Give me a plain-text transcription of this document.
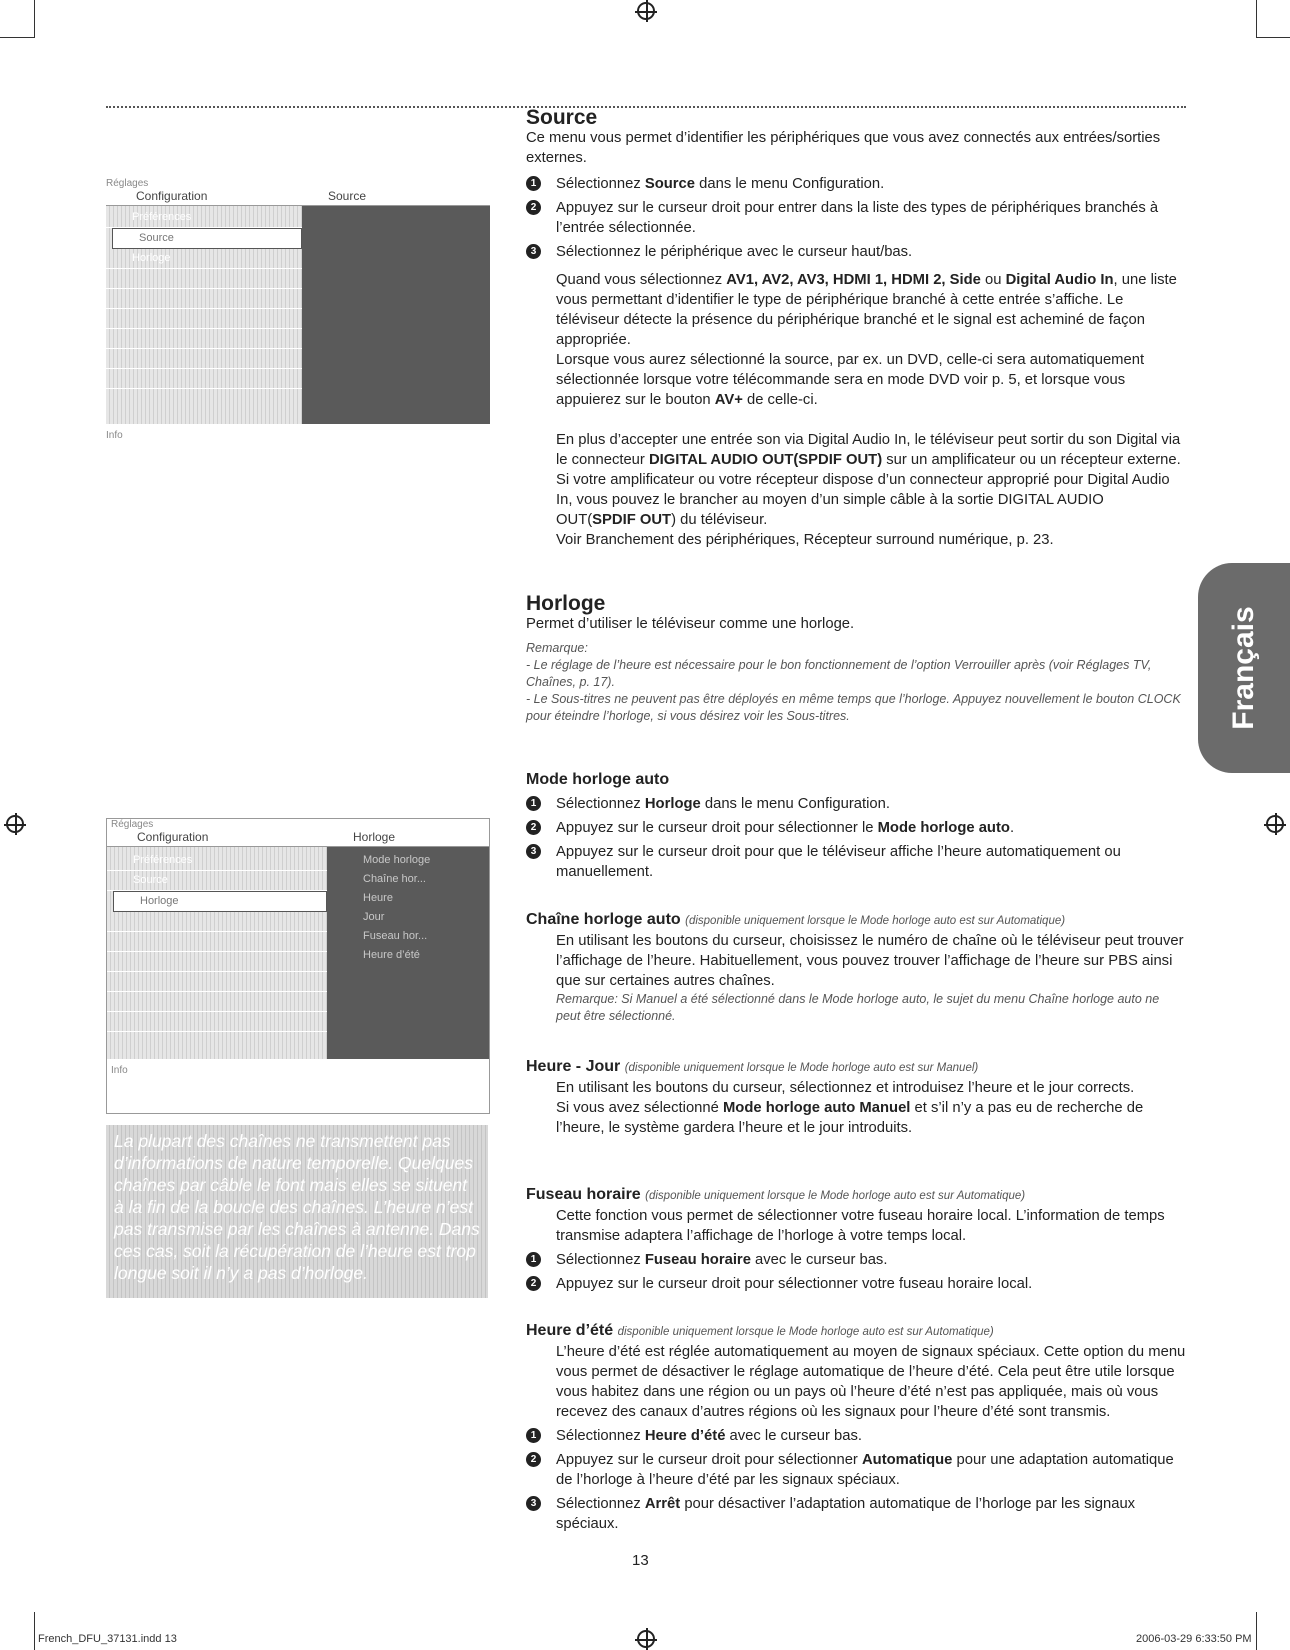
Réglages
Configuration	Source
Préférences
Source
Horloge
Info
Réglages
Configuration	Horloge
Préférences
Source
Horloge
Mode horloge
Chaîne hor...
Heure
Jour
Fuseau hor...
Heure d’été
Info
La plupart des chaînes ne transmettent pas d’informations de nature temporelle. Quelques chaînes par câble le font mais elles se situent à la fin de la boucle des chaînes. L’heure n’est pas transmise par les chaînes à antenne. Dans ces cas, soit la récupération de l’heure est trop longue soit il n’y a pas d’horloge.
Source

Ce menu vous permet d’identifier les périphériques que vous avez connectés aux entrées/sorties externes.

1	Sélectionnez Source dans le menu Configuration.
2	Appuyez sur le curseur droit pour entrer dans la liste des types de périphériques branchés à l’entrée sélectionnée.
3	Sélectionnez le périphérique avec le curseur haut/bas.
Quand vous sélectionnez AV1, AV2, AV3, HDMI 1, HDMI 2, Side ou Digital Audio In, une liste vous permettant d’identifier le type de périphérique branché à cette entrée s’affiche. Le téléviseur détecte la présence du périphérique branché et le signal est acheminé de façon appropriée.
Lorsque vous aurez sélectionné la source, par ex. un DVD, celle-ci sera automatiquement sélectionnée lorsque votre télécommande sera en mode DVD voir p. 5, et lorsque vous appuierez sur le bouton AV+ de celle-ci.
En plus d’accepter une entrée son via Digital Audio In, le téléviseur peut sortir du son Digital via le connecteur DIGITAL AUDIO OUT(SPDIF OUT) sur un amplificateur ou un récepteur externe.
Si votre amplificateur ou votre récepteur dispose d’un connecteur approprié pour Digital Audio In, vous pouvez le brancher au moyen d’un simple câble à la sortie DIGITAL AUDIO OUT(SPDIF OUT) du téléviseur.
Voir Branchement des périphériques, Récepteur surround numérique, p. 23.
Horloge

Permet d’utiliser le téléviseur comme une horloge.

Remarque:
- Le réglage de l’heure est nécessaire pour le bon fonctionnement de l’option Verrouiller après (voir Réglages TV, Chaînes, p. 17).
- Le Sous-titres ne peuvent pas être déployés en même temps que l’horloge. Appuyez nouvellement le bouton CLOCK pour éteindre l’horloge, si vous désirez voir les Sous-titres.
Mode horloge auto
1	Sélectionnez Horloge dans le menu Configuration.
2	Appuyez sur le curseur droit pour sélectionner le Mode horloge auto.
3	Appuyez sur le curseur droit pour que le téléviseur affiche l’heure automatiquement ou manuellement.
Chaîne horloge auto (disponible uniquement lorsque le Mode horloge auto est sur Automatique)
En utilisant les boutons du curseur, choisissez le numéro de chaîne où le téléviseur peut trouver l’affichage de l’heure. Habituellement, vous pouvez trouver l’affichage de l’heure sur PBS ainsi que sur certaines autres chaînes.
Remarque: Si Manuel a été sélectionné dans le Mode horloge auto, le sujet du menu Chaîne horloge auto ne peut être sélectionné.
Heure - Jour (disponible uniquement lorsque le Mode horloge auto est sur Manuel)
En utilisant les boutons du curseur, sélectionnez et introduisez l’heure et le jour corrects.
Si vous avez sélectionné Mode horloge auto Manuel et s’il n’y a pas eu de recherche de l’heure, le système gardera l’heure et le jour introduits.
Fuseau horaire (disponible uniquement lorsque le Mode horloge auto est sur Automatique)
Cette fonction vous permet de sélectionner votre fuseau horaire local. L’information de temps transmise adaptera l’affichage de l’horloge à votre temps local.
1	Sélectionnez Fuseau horaire avec le curseur bas.
2	Appuyez sur le curseur droit pour sélectionner votre fuseau horaire local.
Heure d’été disponible uniquement lorsque le Mode horloge auto est sur Automatique)
L’heure d’été est réglée automatiquement au moyen de signaux spéciaux. Cette option du menu vous permet de désactiver le réglage automatique de l’heure d’été. Cela peut être utile lorsque vous habitez dans une région ou un pays où l’heure d’été n’est pas appliquée, mais où vous recevez des canaux d’autres régions où les signaux pour l’heure d’été sont transmis.
1	Sélectionnez Heure d’été avec le curseur bas.
2	Appuyez sur le curseur droit pour sélectionner Automatique pour une adaptation automatique de l’horloge à l’heure d’été par les signaux spéciaux.
3	Sélectionnez Arrêt pour désactiver l’adaptation automatique de l’horloge par les signaux spéciaux.
Français
13
French_DFU_37131.indd 13	2006-03-29 6:33:50 PM
